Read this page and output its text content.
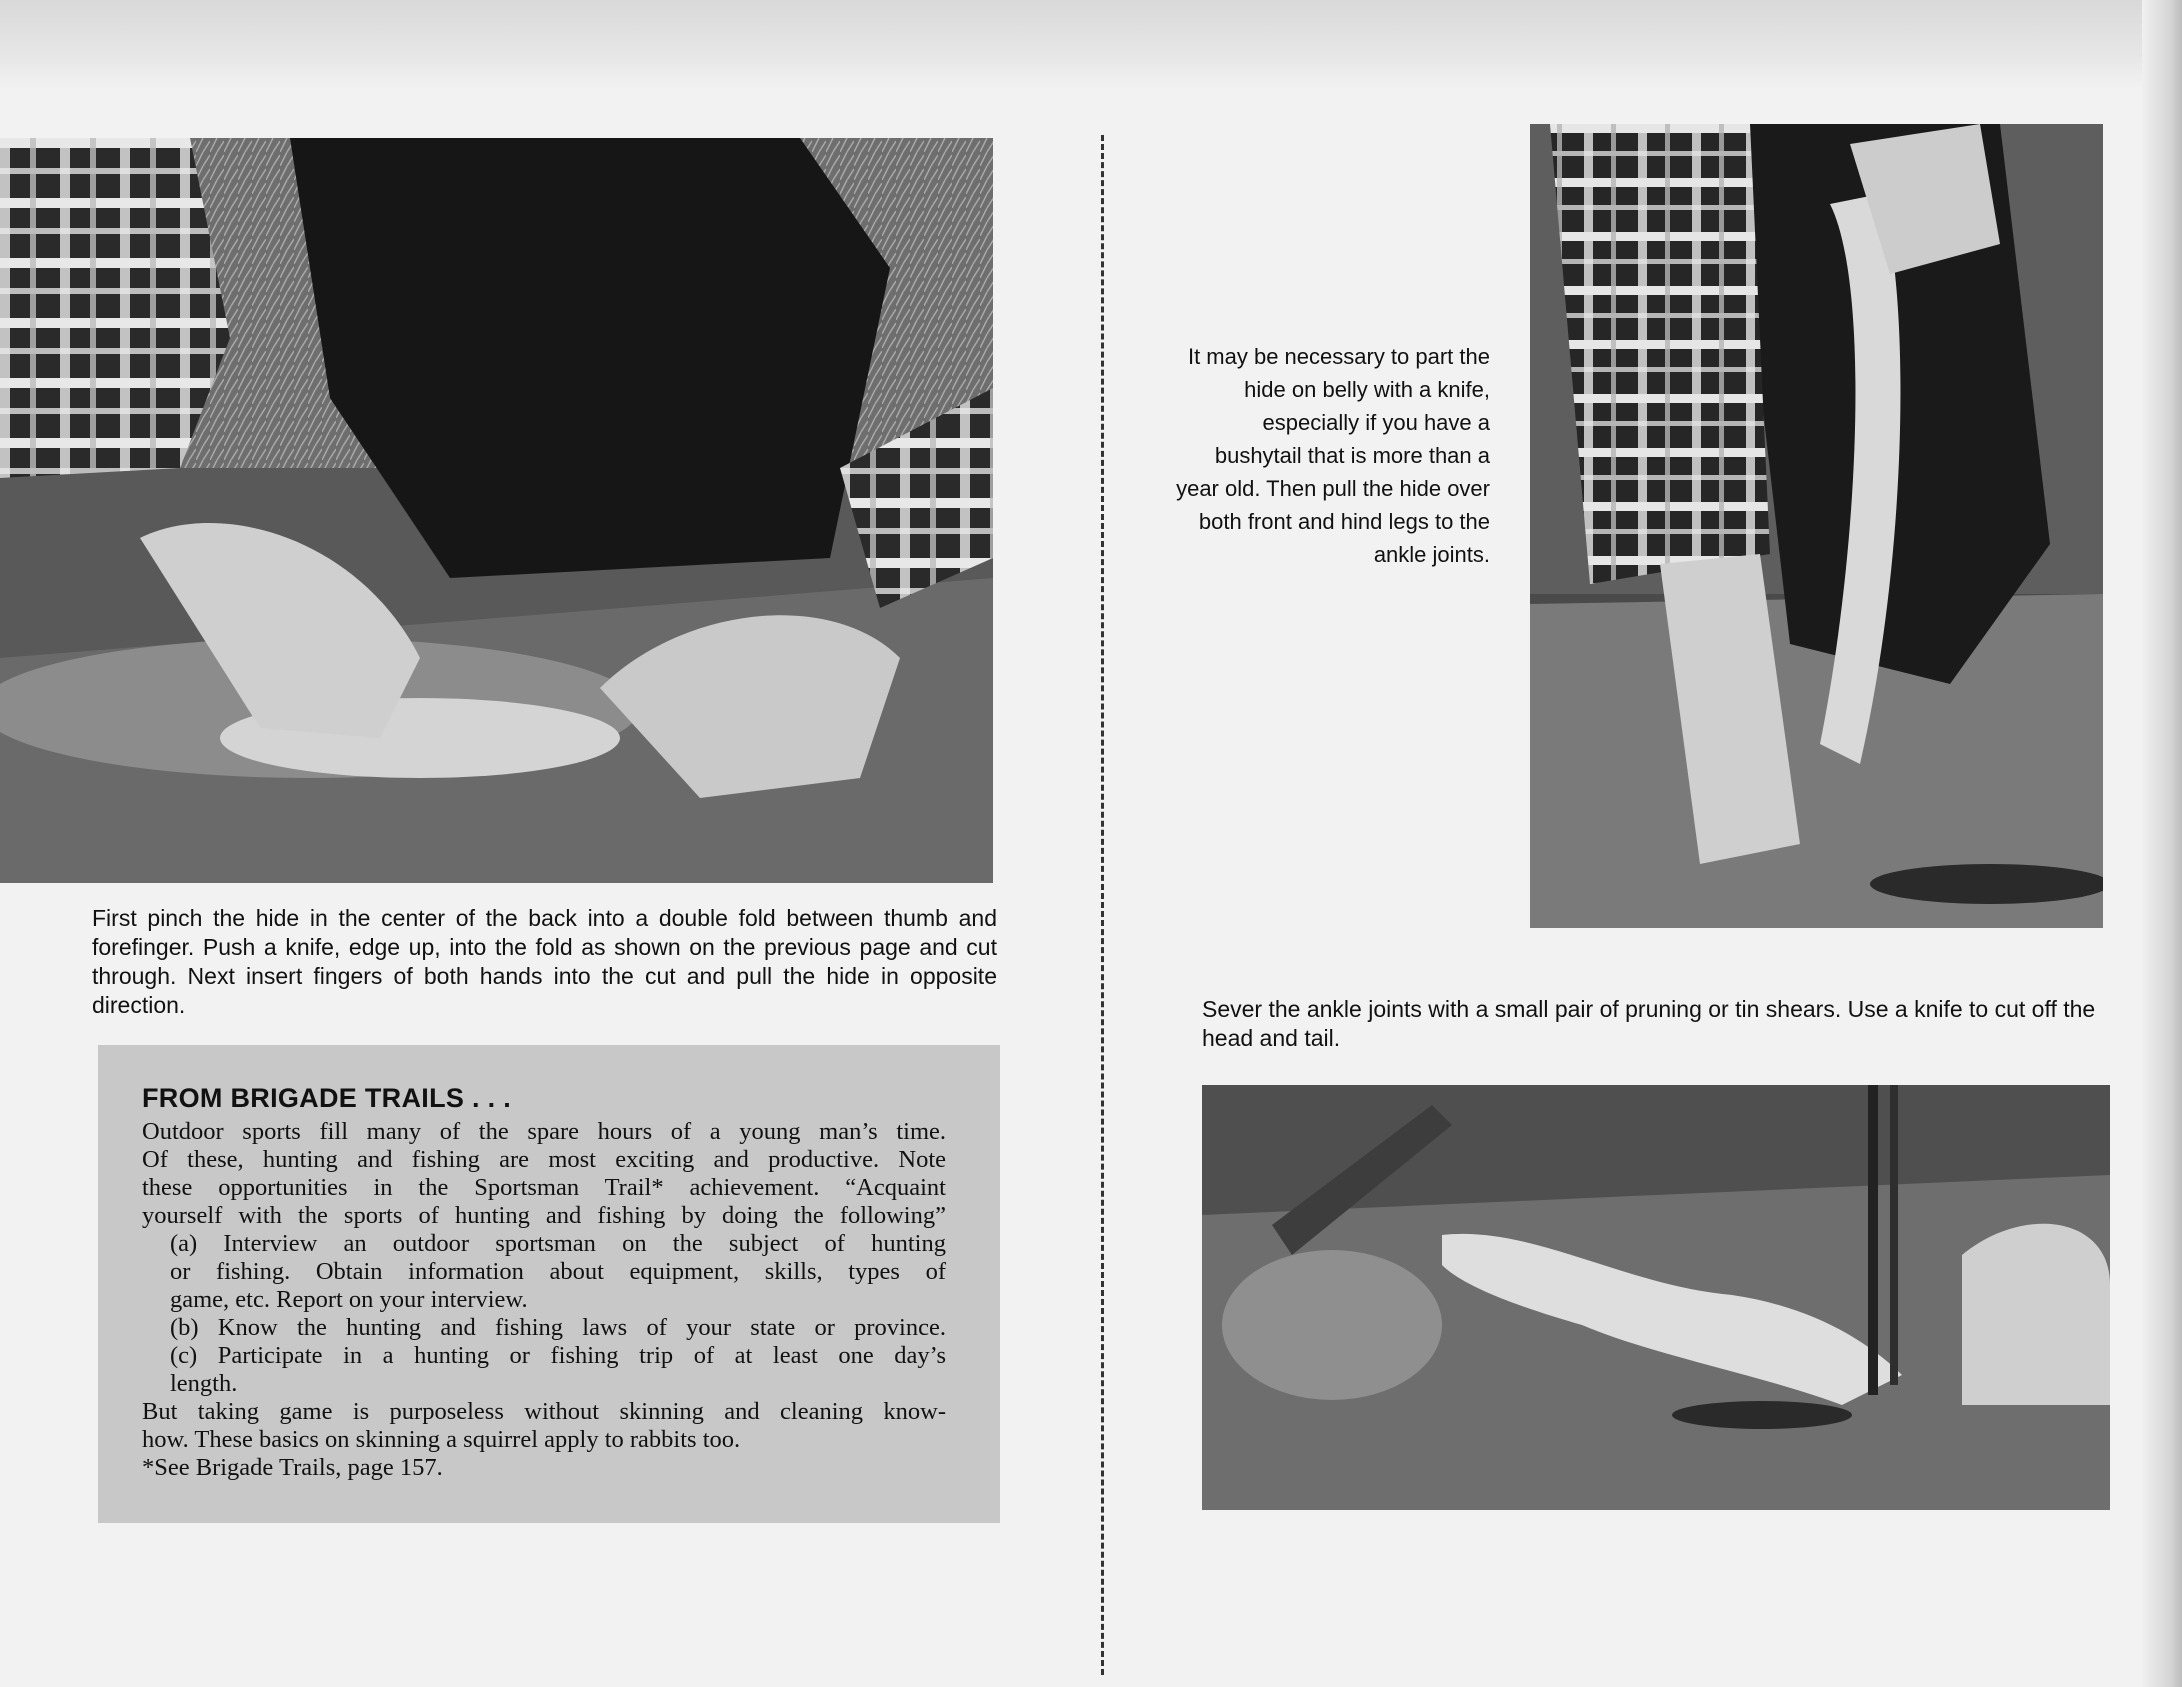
First pinch the hide in the center of the back into a double fold between thumb and forefinger. Push a knife, edge up, into the fold as shown on the previous page and cut through. Next insert fingers of both hands into the cut and pull the hide in opposite direction.
It may be necessary to part the hide on belly with a knife, especially if you have a bushytail that is more than a year old. Then pull the hide over both front and hind legs to the ankle joints.
Sever the ankle joints with a small pair of pruning or tin shears. Use a knife to cut off the head and tail.
FROM BRIGADE TRAILS . . .
Outdoor sports fill many of the spare hours of a young man’s time.
Of these, hunting and fishing are most exciting and productive. Note
these opportunities in the Sportsman Trail* achievement. “Acquaint
yourself with the sports of hunting and fishing by doing the following”
(a) Interview an outdoor sportsman on the subject of hunting
or fishing. Obtain information about equipment, skills, types of
game, etc. Report on your interview.
(b) Know the hunting and fishing laws of your state or province.
(c) Participate in a hunting or fishing trip of at least one day’s
length.
But taking game is purposeless without skinning and cleaning know-
how. These basics on skinning a squirrel apply to rabbits too.
*See Brigade Trails, page 157.
